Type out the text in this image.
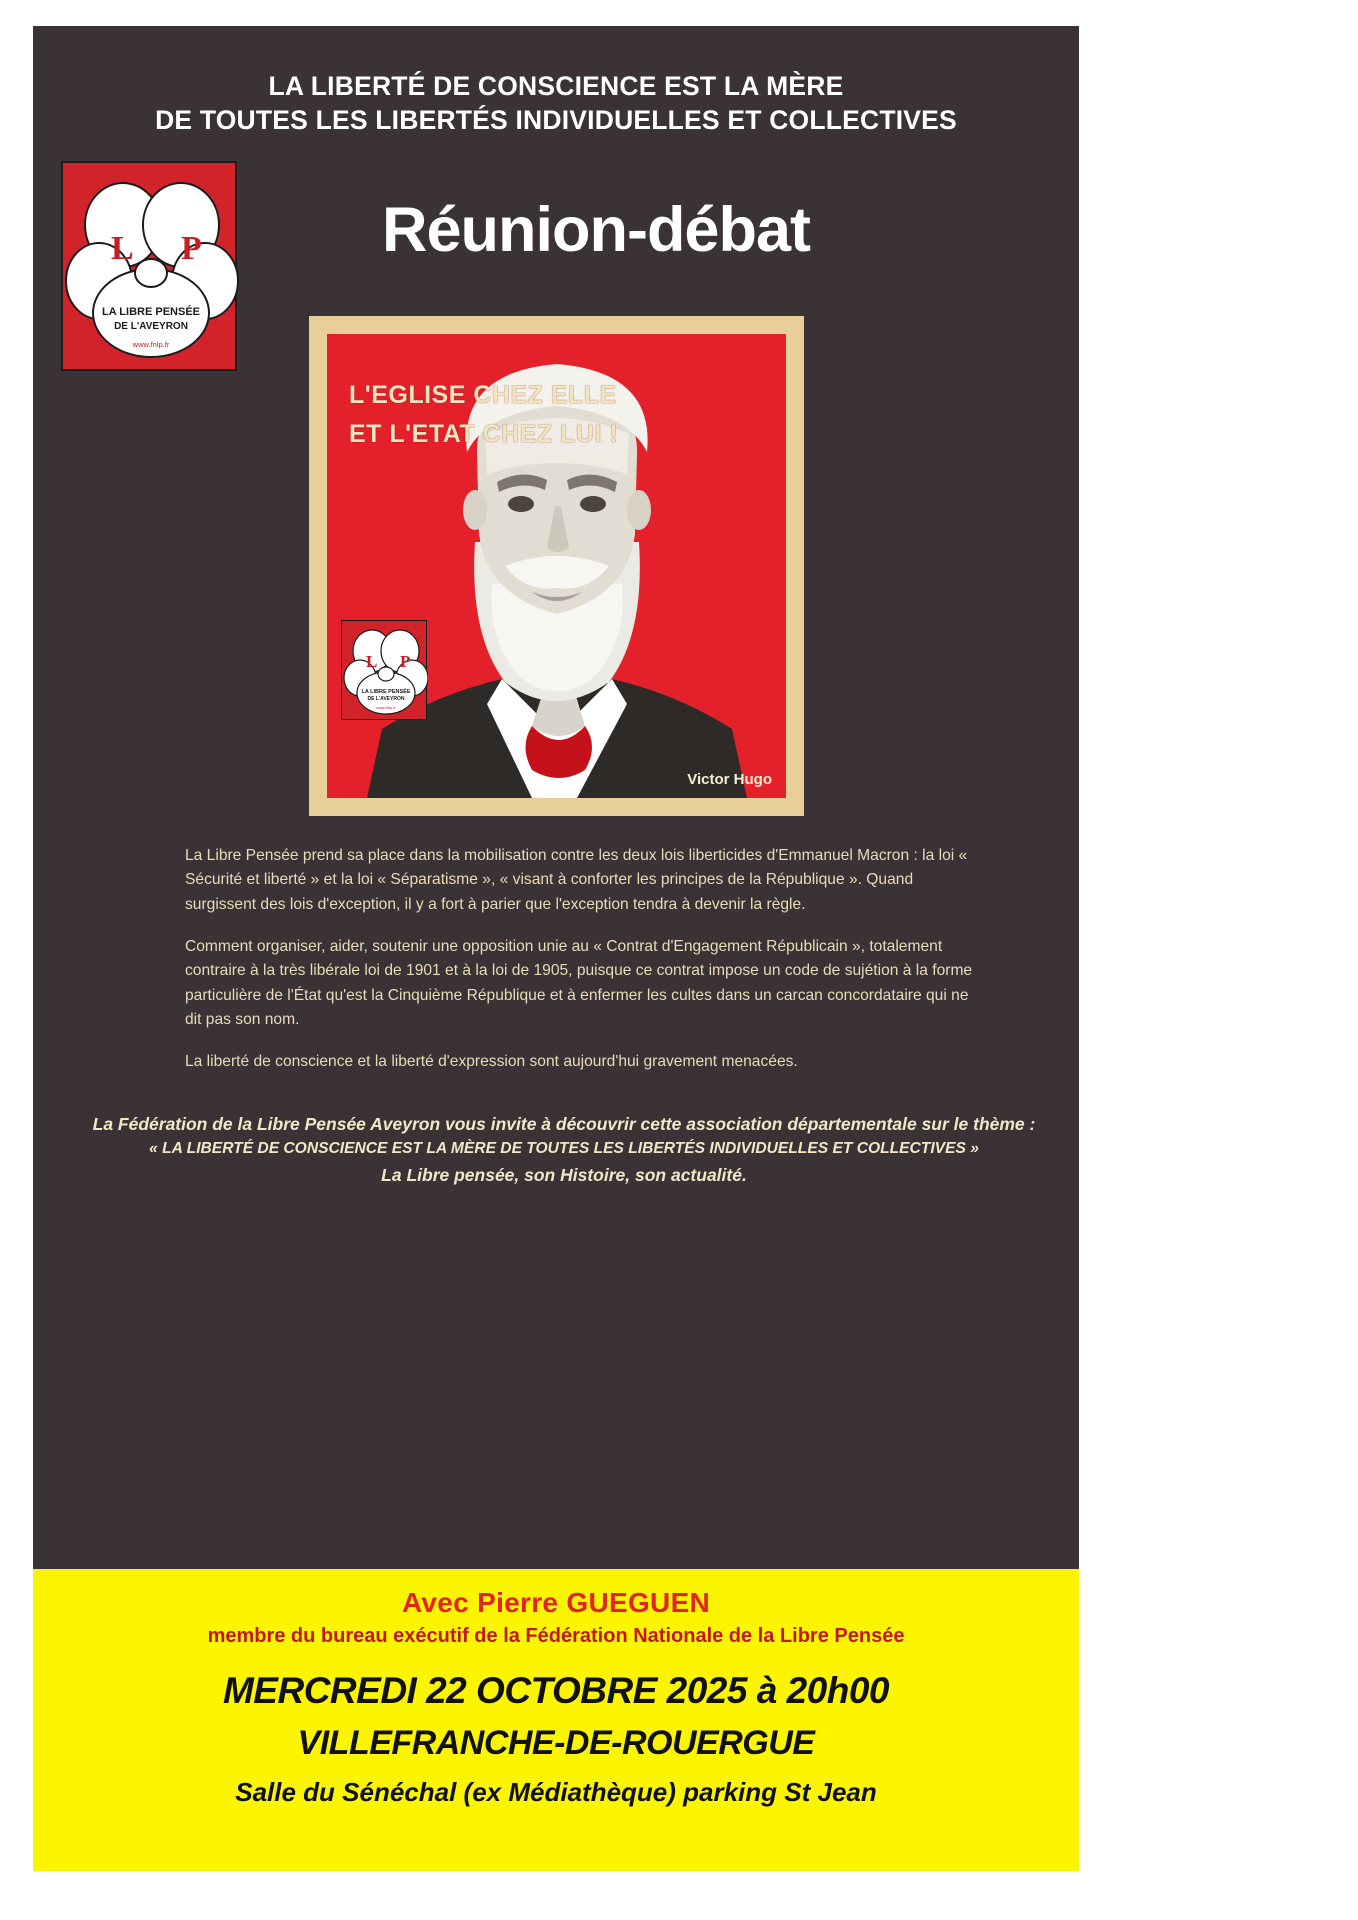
LA LIBERTÉ DE CONSCIENCE EST LA MÈRE
DE TOUTES LES LIBERTÉS INDIVIDUELLES ET COLLECTIVES
Réunion-débat
L P
LA LIBRE PENSÉE
DE L'AVEYRON
www.fnlp.fr
L'EGLISE CHEZ ELLE
ET L'ETAT CHEZ LUI !
L P
LA LIBRE PENSÉE
DE L'AVEYRON
www.fnlp.fr
Victor Hugo

La Libre Pensée prend sa place dans la mobilisation contre les deux lois liberticides d'Emmanuel Macron : la loi « Sécurité et liberté » et la loi « Séparatisme », « visant à conforter les principes de la République ». Quand surgissent des lois d'exception, il y a fort à parier que l'exception tendra à devenir la règle.

Comment organiser, aider, soutenir une opposition unie au « Contrat d'Engagement Républicain », totalement contraire à la très libérale loi de 1901 et à la loi de 1905, puisque ce contrat impose un code de sujétion à la forme particulière de l'État qu'est la Cinquième République et à enfermer les cultes dans un carcan concordataire qui ne dit pas son nom.

La liberté de conscience et la liberté d'expression sont aujourd'hui gravement menacées.

La Fédération de la Libre Pensée Aveyron vous invite à découvrir cette association départementale sur le thème :
« LA LIBERTÉ DE CONSCIENCE EST LA MÈRE DE TOUTES LES LIBERTÉS INDIVIDUELLES ET COLLECTIVES »
La Libre pensée, son Histoire, son actualité.
Avec Pierre GUEGUEN
membre du bureau exécutif de la Fédération Nationale de la Libre Pensée
MERCREDI 22 OCTOBRE 2025 à 20h00
VILLEFRANCHE-DE-ROUERGUE
Salle du Sénéchal (ex Médiathèque) parking St Jean
